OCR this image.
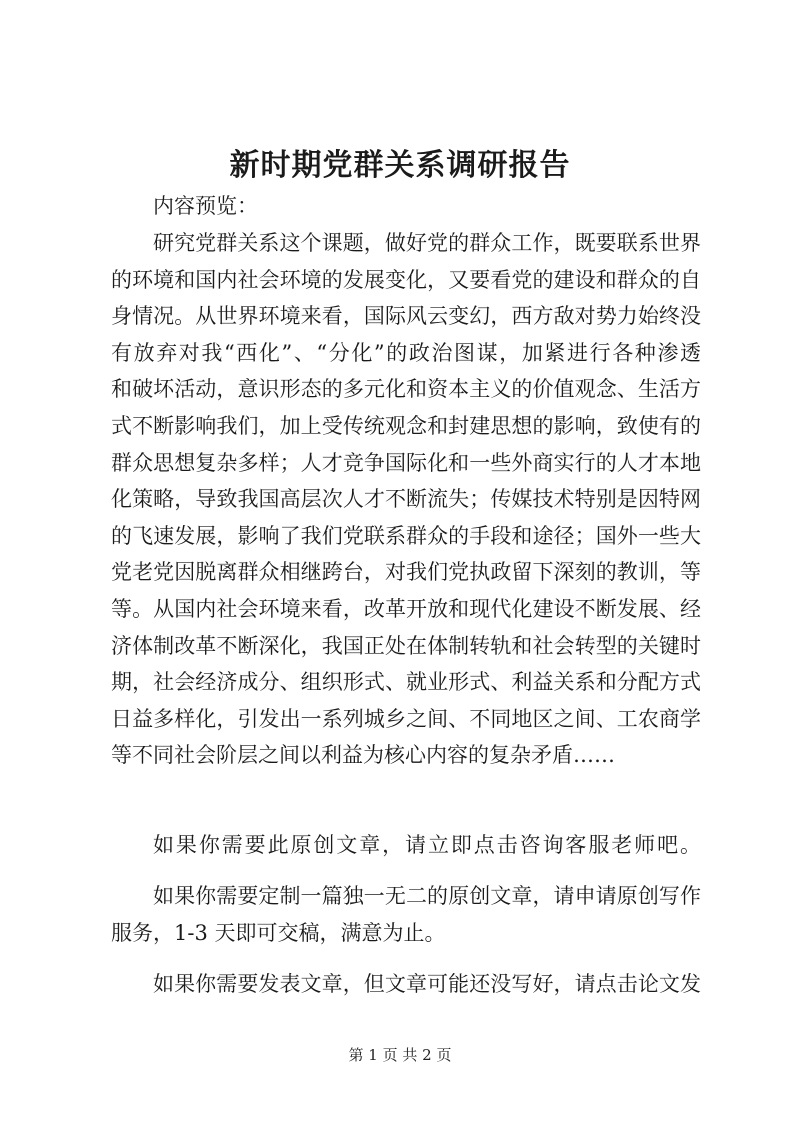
新时期党群关系调研报告
内容预览：
研究党群关系这个课题，做好党的群众工作，既要联系世界
的环境和国内社会环境的发展变化，又要看党的建设和群众的自
身情况。从世界环境来看，国际风云变幻，西方敌对势力始终没
有放弃对我“西化”、“分化”的政治图谋，加紧进行各种渗透
和破坏活动，意识形态的多元化和资本主义的价值观念、生活方
式不断影响我们，加上受传统观念和封建思想的影响，致使有的
群众思想复杂多样；人才竞争国际化和一些外商实行的人才本地
化策略，导致我国高层次人才不断流失；传媒技术特别是因特网
的飞速发展，影响了我们党联系群众的手段和途径；国外一些大
党老党因脱离群众相继跨台，对我们党执政留下深刻的教训，等
等。从国内社会环境来看，改革开放和现代化建设不断发展、经
济体制改革不断深化，我国正处在体制转轨和社会转型的关键时
期，社会经济成分、组织形式、就业形式、利益关系和分配方式
日益多样化，引发出一系列城乡之间、不同地区之间、工农商学
等不同社会阶层之间以利益为核心内容的复杂矛盾……
如果你需要此原创文章，请立即点击咨询客服老师吧。
如果你需要定制一篇独一无二的原创文章，请申请原创写作
服务，1-3 天即可交稿，满意为止。
如果你需要发表文章，但文章可能还没写好，请点击论文发
第 1 页 共 2 页
